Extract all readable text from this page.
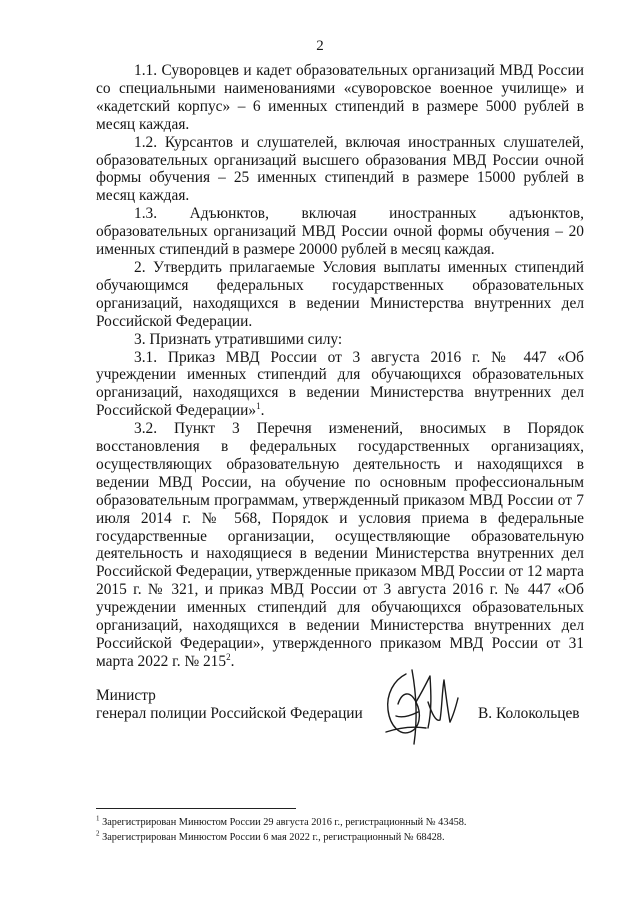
2

1.1. Суворовцев и кадет образовательных организаций МВД России со специальными наименованиями «суворовское военное училище» и «кадетский корпус» – 6 именных стипендий в размере 5000 рублей в месяц каждая.

1.2. Курсантов и слушателей, включая иностранных слушателей, образовательных организаций высшего образования МВД России очной формы обучения – 25 именных стипендий в размере 15000 рублей в месяц каждая.

1.3. Адъюнктов, включая иностранных адъюнктов, образовательных организаций МВД России очной формы обучения – 20 именных стипендий в размере 20000 рублей в месяц каждая.

2. Утвердить прилагаемые Условия выплаты именных стипендий обучающимся федеральных государственных образовательных организаций, находящихся в ведении Министерства внутренних дел Российской Федерации.

3. Признать утратившими силу:

3.1. Приказ МВД России от 3 августа 2016 г. № 447 «Об учреждении именных стипендий для обучающихся образовательных организаций, находящихся в ведении Министерства внутренних дел Российской Федерации»$^1$.

3.2. Пункт 3 Перечня изменений, вносимых в Порядок восстановления в федеральных государственных организациях, осуществляющих образовательную деятельность и находящихся в ведении МВД России, на обучение по основным профессиональным образовательным программам, утвержденный приказом МВД России от 7 июля 2014 г. № 568, Порядок и условия приема в федеральные государственные организации, осуществляющие образовательную деятельность и находящиеся в ведении Министерства внутренних дел Российской Федерации, утвержденные приказом МВД России от 12 марта 2015 г. № 321, и приказ МВД России от 3 августа 2016 г. № 447 «Об учреждении именных стипендий для обучающихся образовательных организаций, находящихся в ведении Министерства внутренних дел Российской Федерации», утвержденного приказом МВД России от 31 марта 2022 г. № $215^2$.

Министр
генерал полиции Российской Федерации	В. Колокольцев

$^1$ Зарегистрирован Минюстом России 29 августа 2016 г., регистрационный № 43458.

$^2$ Зарегистрирован Минюстом России 6 мая 2022 г., регистрационный № 68428.
